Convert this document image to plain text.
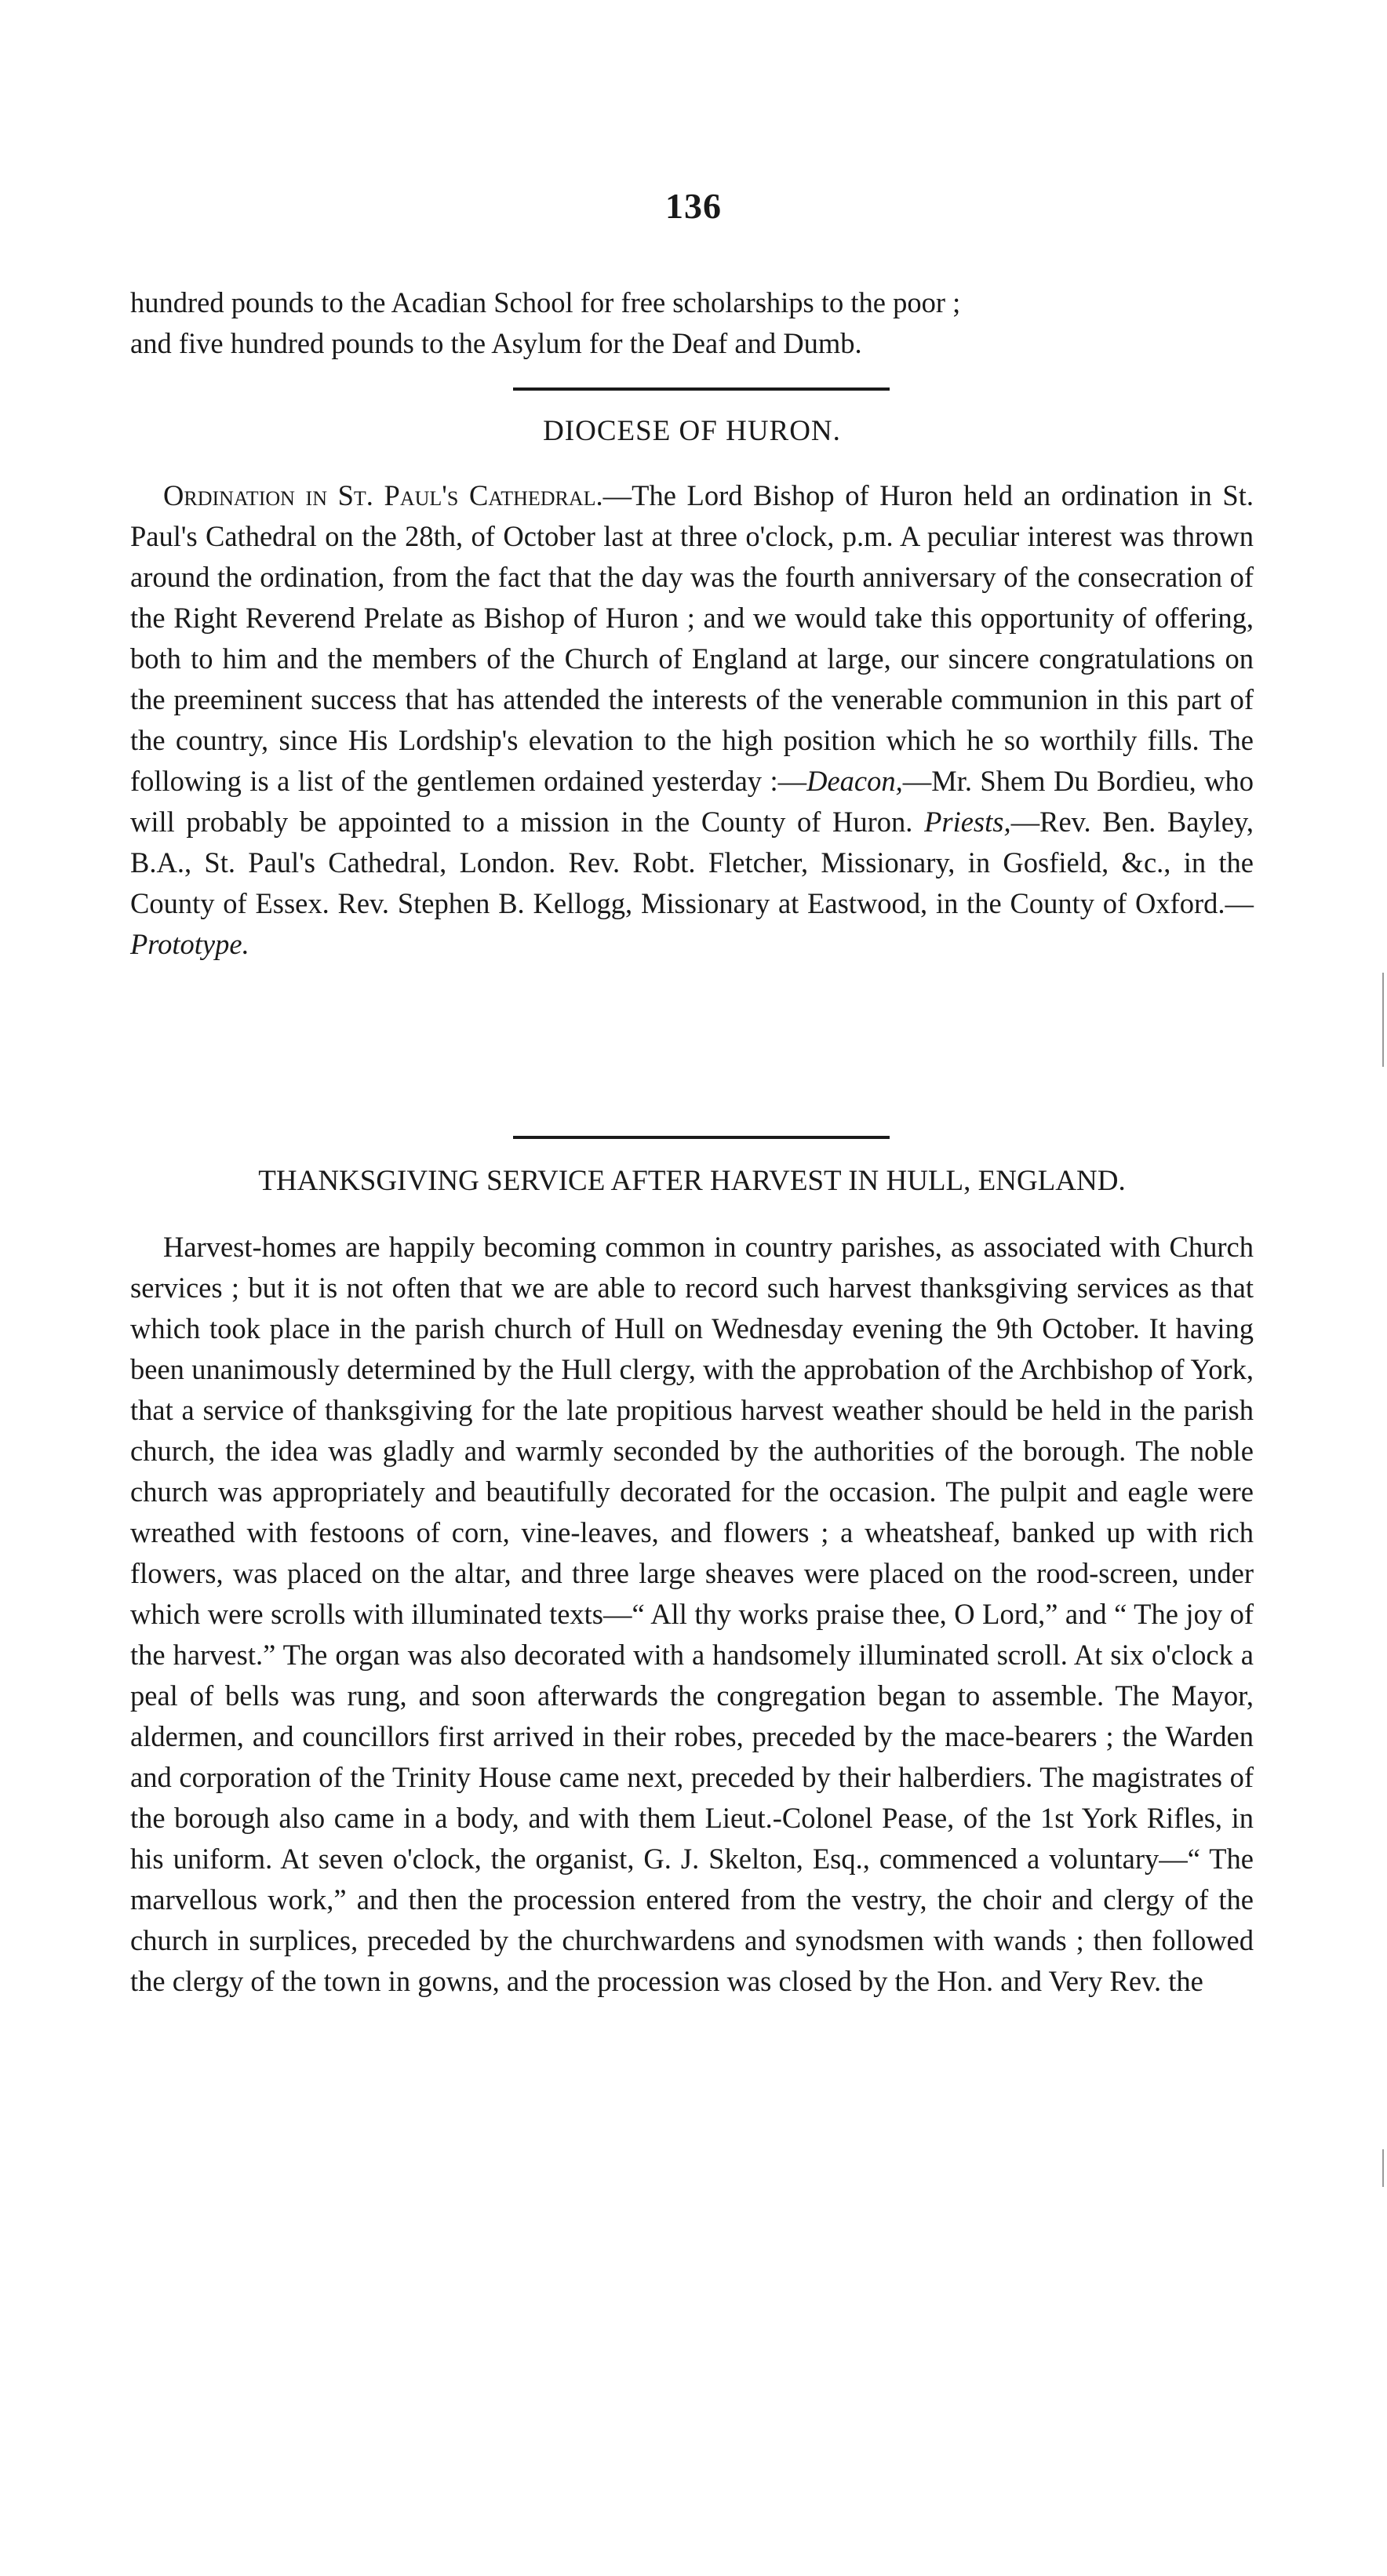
136

hundred pounds to the Acadian School for free scholarships to the poor ;

and five hundred pounds to the Asylum for the Deaf and Dumb.

DIOCESE OF HURON.

Ordination in St. Paul's Cathedral.—The Lord Bishop of Huron held an ordination in St. Paul's Cathedral on the 28th, of October last at three o'clock, p.m. A peculiar interest was thrown around the ordination, from the fact that the day was the fourth anniversary of the consecration of the Right Reverend Prelate as Bishop of Huron ; and we would take this opportunity of offering, both to him and the members of the Church of England at large, our sincere congratulations on the preeminent success that has attended the interests of the venerable communion in this part of the country, since His Lordship's elevation to the high position which he so worthily fills. The following is a list of the gentlemen ordained yesterday :—Deacon,—Mr. Shem Du Bordieu, who will probably be appointed to a mission in the County of Huron. Priests,—Rev. Ben. Bayley, B.A., St. Paul's Cathedral, London. Rev. Robt. Fletcher, Missionary, in Gosfield, &c., in the County of Essex. Rev. Stephen B. Kellogg, Missionary at Eastwood, in the County of Oxford.—Prototype.

THANKSGIVING SERVICE AFTER HARVEST IN HULL, ENGLAND.

Harvest-homes are happily becoming common in country parishes, as associated with Church services ; but it is not often that we are able to record such harvest thanksgiving services as that which took place in the parish church of Hull on Wednesday evening the 9th October. It having been unanimously determined by the Hull clergy, with the approbation of the Archbishop of York, that a service of thanksgiving for the late propitious harvest weather should be held in the parish church, the idea was gladly and warmly seconded by the authorities of the borough. The noble church was appropriately and beautifully decorated for the occasion. The pulpit and eagle were wreathed with festoons of corn, vine-leaves, and flowers ; a wheatsheaf, banked up with rich flowers, was placed on the altar, and three large sheaves were placed on the rood-screen, under which were scrolls with illuminated texts—“ All thy works praise thee, O Lord,” and “ The joy of the harvest.” The organ was also decorated with a handsomely illuminated scroll. At six o'clock a peal of bells was rung, and soon afterwards the congregation began to assemble. The Mayor, aldermen, and councillors first arrived in their robes, preceded by the mace-bearers ; the Warden and corporation of the Trinity House came next, preceded by their halberdiers. The magistrates of the borough also came in a body, and with them Lieut.-Colonel Pease, of the 1st York Rifles, in his uniform. At seven o'clock, the organist, G. J. Skelton, Esq., commenced a voluntary—“ The marvellous work,” and then the procession entered from the vestry, the choir and clergy of the church in surplices, preceded by the churchwardens and synodsmen with wands ; then followed the clergy of the town in gowns, and the procession was closed by the Hon. and Very Rev. the
